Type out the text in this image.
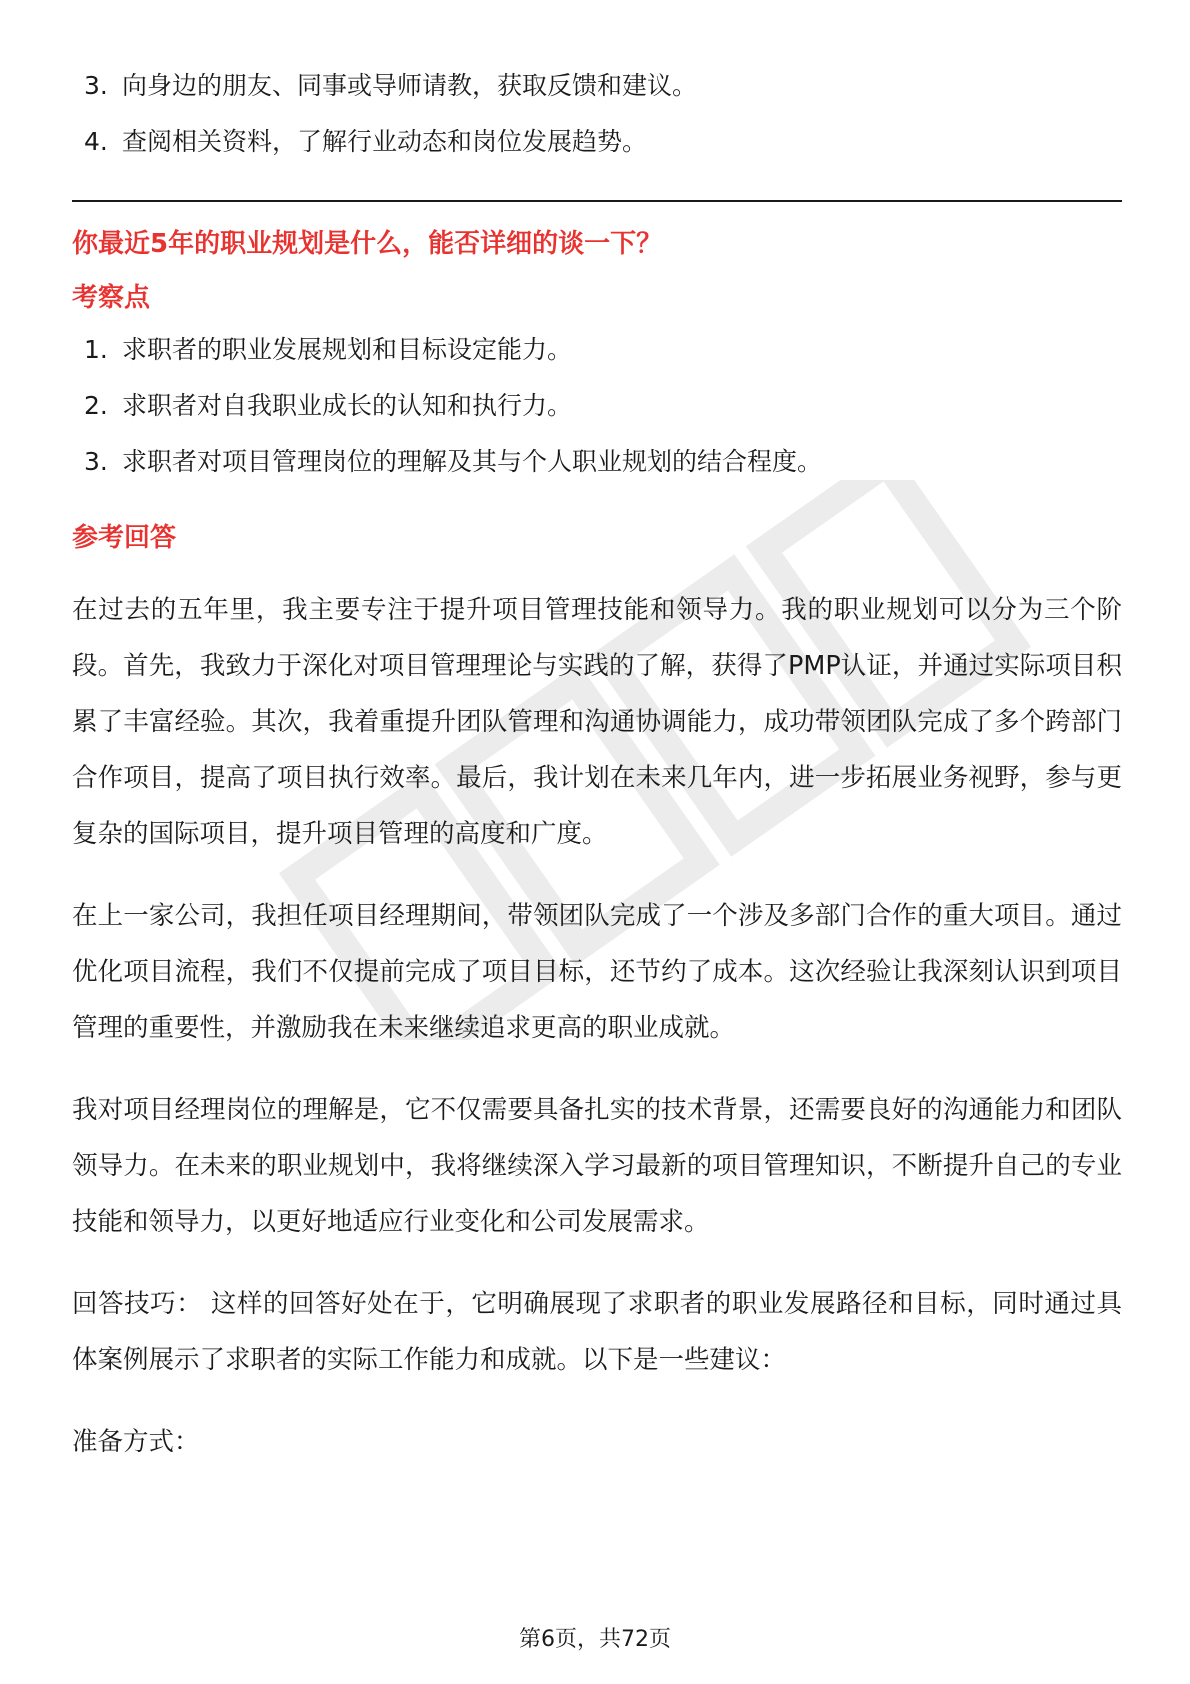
3. 向身边的朋友、同事或导师请教，获取反馈和建议。
4. 查阅相关资料，了解行业动态和岗位发展趋势。
你最近5年的职业规划是什么，能否详细的谈一下？
考察点
1. 求职者的职业发展规划和目标设定能力。
2. 求职者对自我职业成长的认知和执行力。
3. 求职者对项目管理岗位的理解及其与个人职业规划的结合程度。
参考回答

在过去的五年里，我主要专注于提升项目管理技能和领导力。我的职业规划可以分为三个阶段。首先，我致力于深化对项目管理理论与实践的了解，获得了PMP认证，并通过实际项目积累了丰富经验。其次，我着重提升团队管理和沟通协调能力，成功带领团队完成了多个跨部门合作项目，提高了项目执行效率。最后，我计划在未来几年内，进一步拓展业务视野，参与更复杂的国际项目，提升项目管理的高度和广度。

在上一家公司，我担任项目经理期间，带领团队完成了一个涉及多部门合作的重大项目。通过优化项目流程，我们不仅提前完成了项目目标，还节约了成本。这次经验让我深刻认识到项目管理的重要性，并激励我在未来继续追求更高的职业成就。

我对项目经理岗位的理解是，它不仅需要具备扎实的技术背景，还需要良好的沟通能力和团队领导力。在未来的职业规划中，我将继续深入学习最新的项目管理知识，不断提升自己的专业技能和领导力，以更好地适应行业变化和公司发展需求。

回答技巧： 这样的回答好处在于，它明确展现了求职者的职业发展路径和目标，同时通过具体案例展示了求职者的实际工作能力和成就。以下是一些建议：

准备方式：
第6页，共72页
